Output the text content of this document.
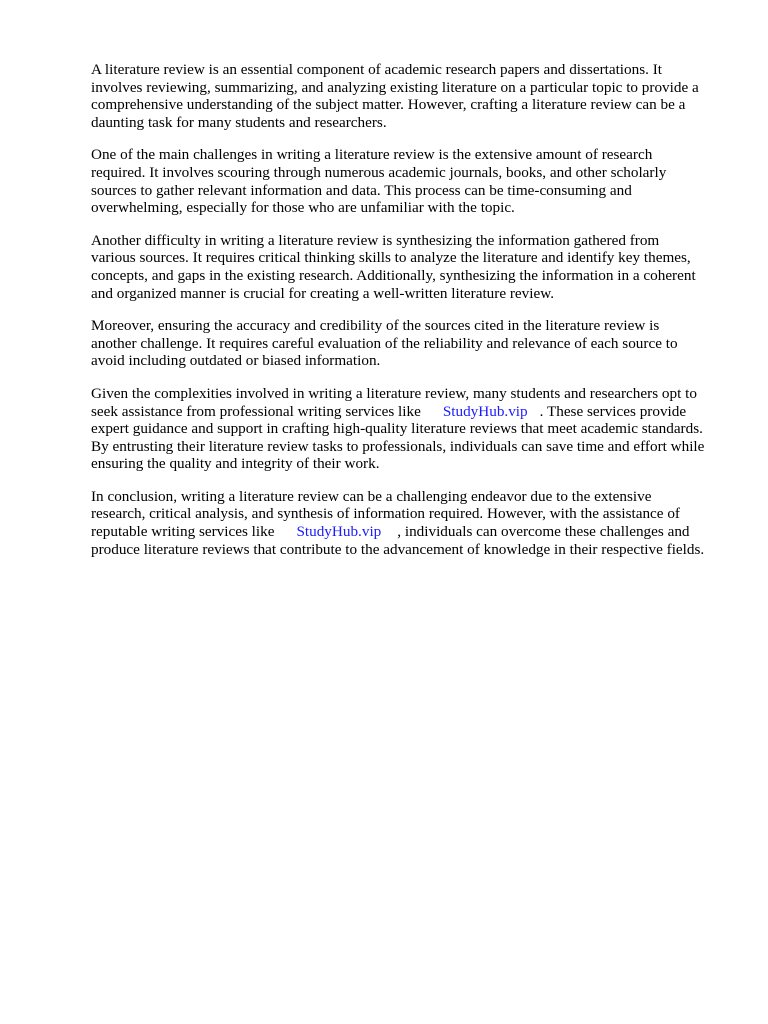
A literature review is an essential component of academic research papers and dissertations. It
involves reviewing, summarizing, and analyzing existing literature on a particular topic to provide a
comprehensive understanding of the subject matter. However, crafting a literature review can be a
daunting task for many students and researchers.

One of the main challenges in writing a literature review is the extensive amount of research
required. It involves scouring through numerous academic journals, books, and other scholarly
sources to gather relevant information and data. This process can be time-consuming and
overwhelming, especially for those who are unfamiliar with the topic.

Another difficulty in writing a literature review is synthesizing the information gathered from
various sources. It requires critical thinking skills to analyze the literature and identify key themes,
concepts, and gaps in the existing research. Additionally, synthesizing the information in a coherent
and organized manner is crucial for creating a well-written literature review.

Moreover, ensuring the accuracy and credibility of the sources cited in the literature review is
another challenge. It requires careful evaluation of the reliability and relevance of each source to
avoid including outdated or biased information.

Given the complexities involved in writing a literature review, many students and researchers opt to
seek assistance from professional writing services like StudyHub.vip . These services provide
expert guidance and support in crafting high-quality literature reviews that meet academic standards.
By entrusting their literature review tasks to professionals, individuals can save time and effort while
ensuring the quality and integrity of their work.

In conclusion, writing a literature review can be a challenging endeavor due to the extensive
research, critical analysis, and synthesis of information required. However, with the assistance of
reputable writing services like StudyHub.vip , individuals can overcome these challenges and
produce literature reviews that contribute to the advancement of knowledge in their respective fields.
